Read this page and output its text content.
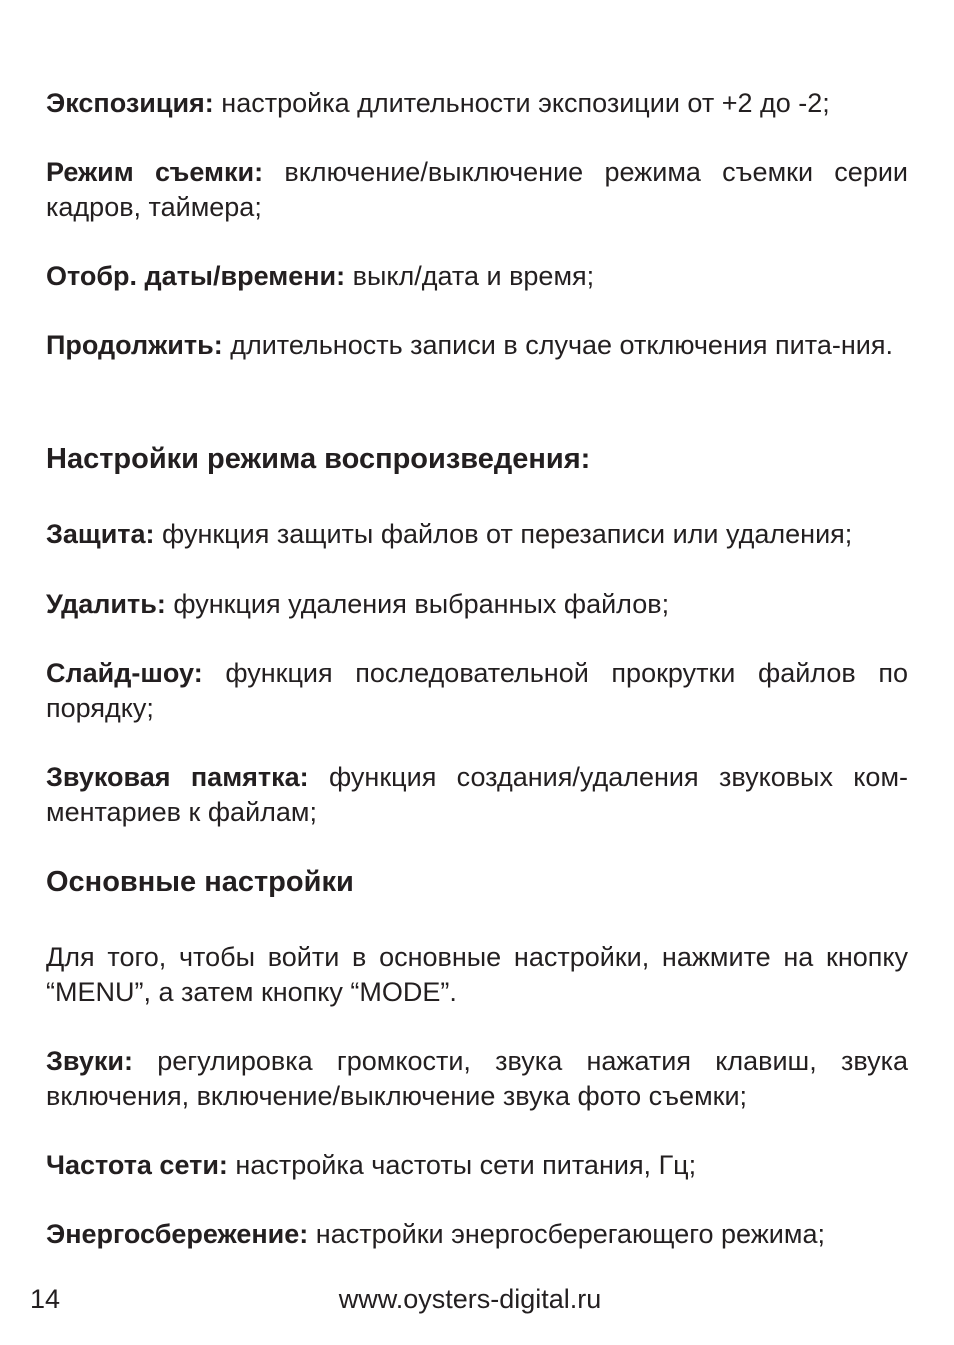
Экспозиция: настройка длительности экспозиции от +2 до -2;

Режим съемки: включение/выключение режима съемки серии кадров, таймера;

Отобр. даты/времени: выкл/дата и время;

Продолжить: длительность записи в случае отключения пита-ния.

Настройки режима воспроизведения:

Защита: функция защиты файлов от перезаписи или удаления;

Удалить: функция удаления выбранных файлов;

Слайд-шоу: функция последовательной прокрутки файлов по порядку;

Звуковая памятка: функция создания/удаления звуковых ком-ментариев к файлам;

Основные настройки

Для того, чтобы войти в основные настройки, нажмите на кнопку “MENU”, а затем кнопку “MODE”.

Звуки: регулировка громкости, звука нажатия клавиш, звука включения, включение/выключение звука фото съемки;

Частота сети: настройка частоты сети питания, Гц;

Энергосбережение: настройки энергосберегающего режима;

14	www.oysters-digital.ru
